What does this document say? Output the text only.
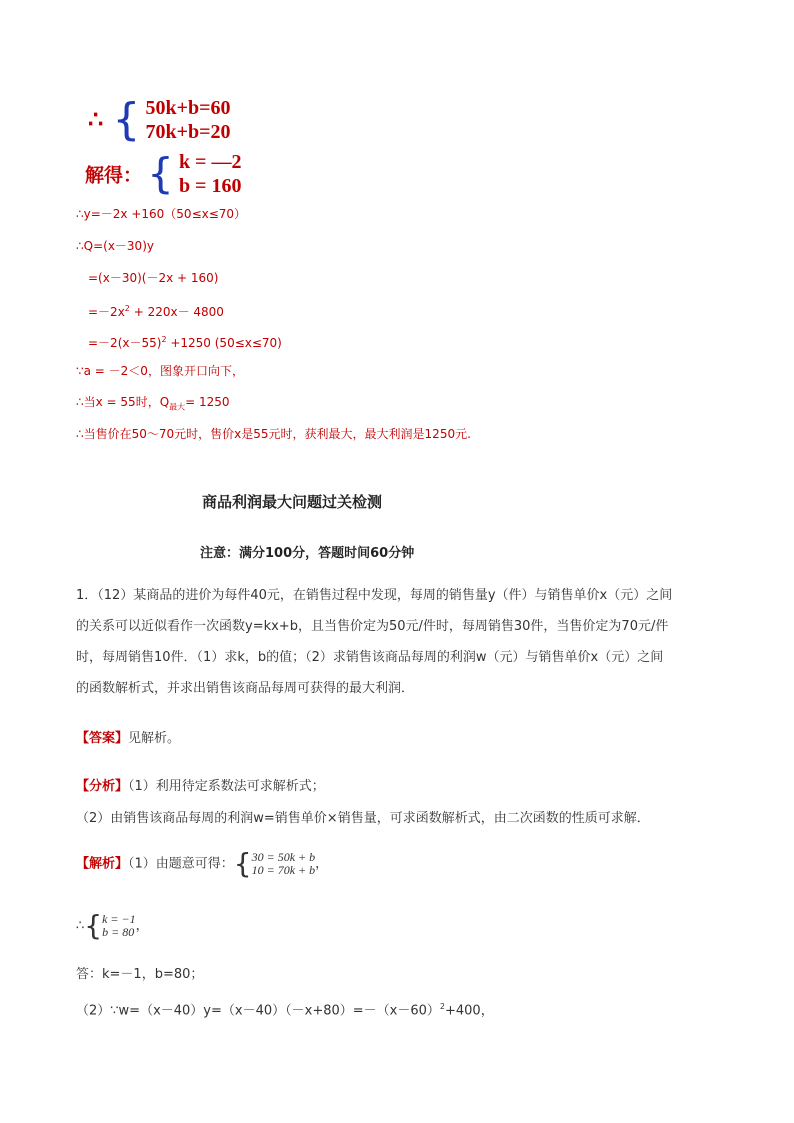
∴ { 50k+b=60
70k+b=20
解得： { k = —2
b = 160
∴y=－2x +160（50≤x≤70）
∴Q=(x－30)y
=(x－30)(－2x + 160)
$=-2x^2 + 220x- 4800$
$=-2(x-55)^2 +1250$ (50≤x≤70)
∵a = －2＜0，图象开口向下，
∴当x = 55时，$Q_{最大}= 1250$
∴当售价在50～70元时，售价x是55元时，获利最大，最大利润是1250元.
商品利润最大问题过关检测
注意：满分100分，答题时间60分钟
1．（12）某商品的进价为每件40元，在销售过程中发现，每周的销售量y（件）与销售单价x（元）之间
的关系可以近似看作一次函数y=kx+b，且当售价定为50元/件时，每周销售30件，当售价定为70元/件
时，每周销售10件．（1）求k，b的值；（2）求销售该商品每周的利润w（元）与销售单价x（元）之间
的函数解析式，并求出销售该商品每周可获得的最大利润．
【答案】见解析。
【分析】（1）利用待定系数法可求解析式；
（2）由销售该商品每周的利润w=销售单价×销售量，可求函数解析式，由二次函数的性质可求解．
【解析】（1）由题意可得：{ 30 = 50k + b
10 = 70k + b ，
∴{ k = −1
b = 80 ，
答：k=－1，b=80；
$(2)\because w=(x-40)y=(x-40)(-x+80)=-(x-60)^2+400$，
